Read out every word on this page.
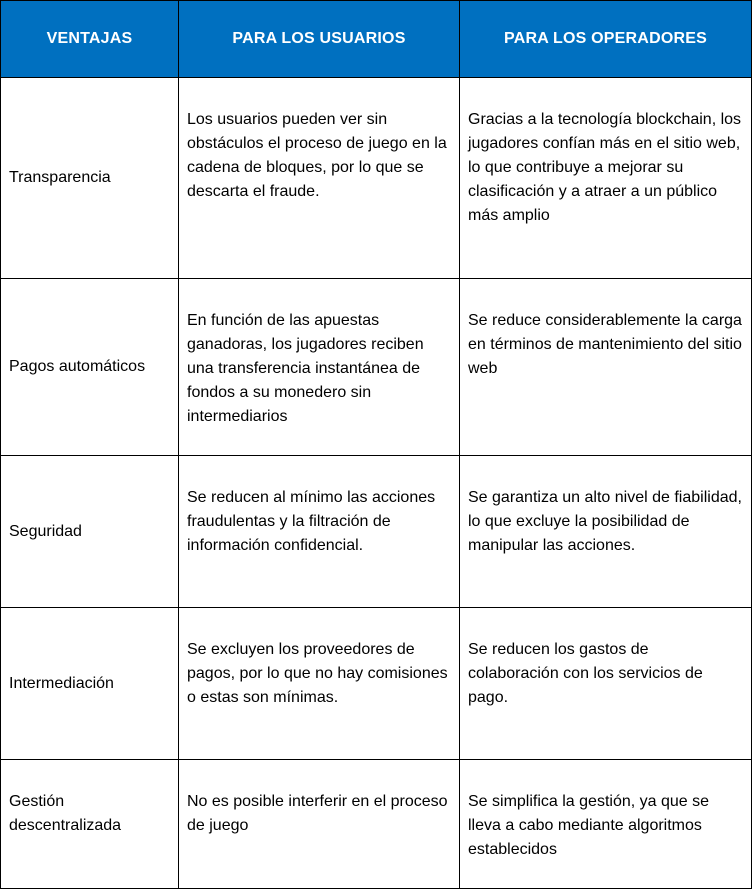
VENTAJAS	PARA LOS USUARIOS	PARA LOS OPERADORES
Transparencia	Los usuarios pueden ver sin obstáculos el proceso de juego en la cadena de bloques, por lo que se descarta el fraude.	Gracias a la tecnología blockchain, los jugadores confían más en el sitio web, lo que contribuye a mejorar su clasificación y a atraer a un público más amplio
Pagos automáticos	En función de las apuestas ganadoras, los jugadores reciben una transferencia instantánea de fondos a su monedero sin intermediarios	Se reduce considerablemente la carga en términos de mantenimiento del sitio web
Seguridad	Se reducen al mínimo las acciones fraudulentas y la filtración de información confidencial.	Se garantiza un alto nivel de fiabilidad, lo que excluye la posibilidad de manipular las acciones.
Intermediación	Se excluyen los proveedores de pagos, por lo que no hay comisiones o estas son mínimas.	Se reducen los gastos de colaboración con los servicios de pago.
Gestión descentralizada	No es posible interferir en el proceso de juego	Se simplifica la gestión, ya que se lleva a cabo mediante algoritmos establecidos
